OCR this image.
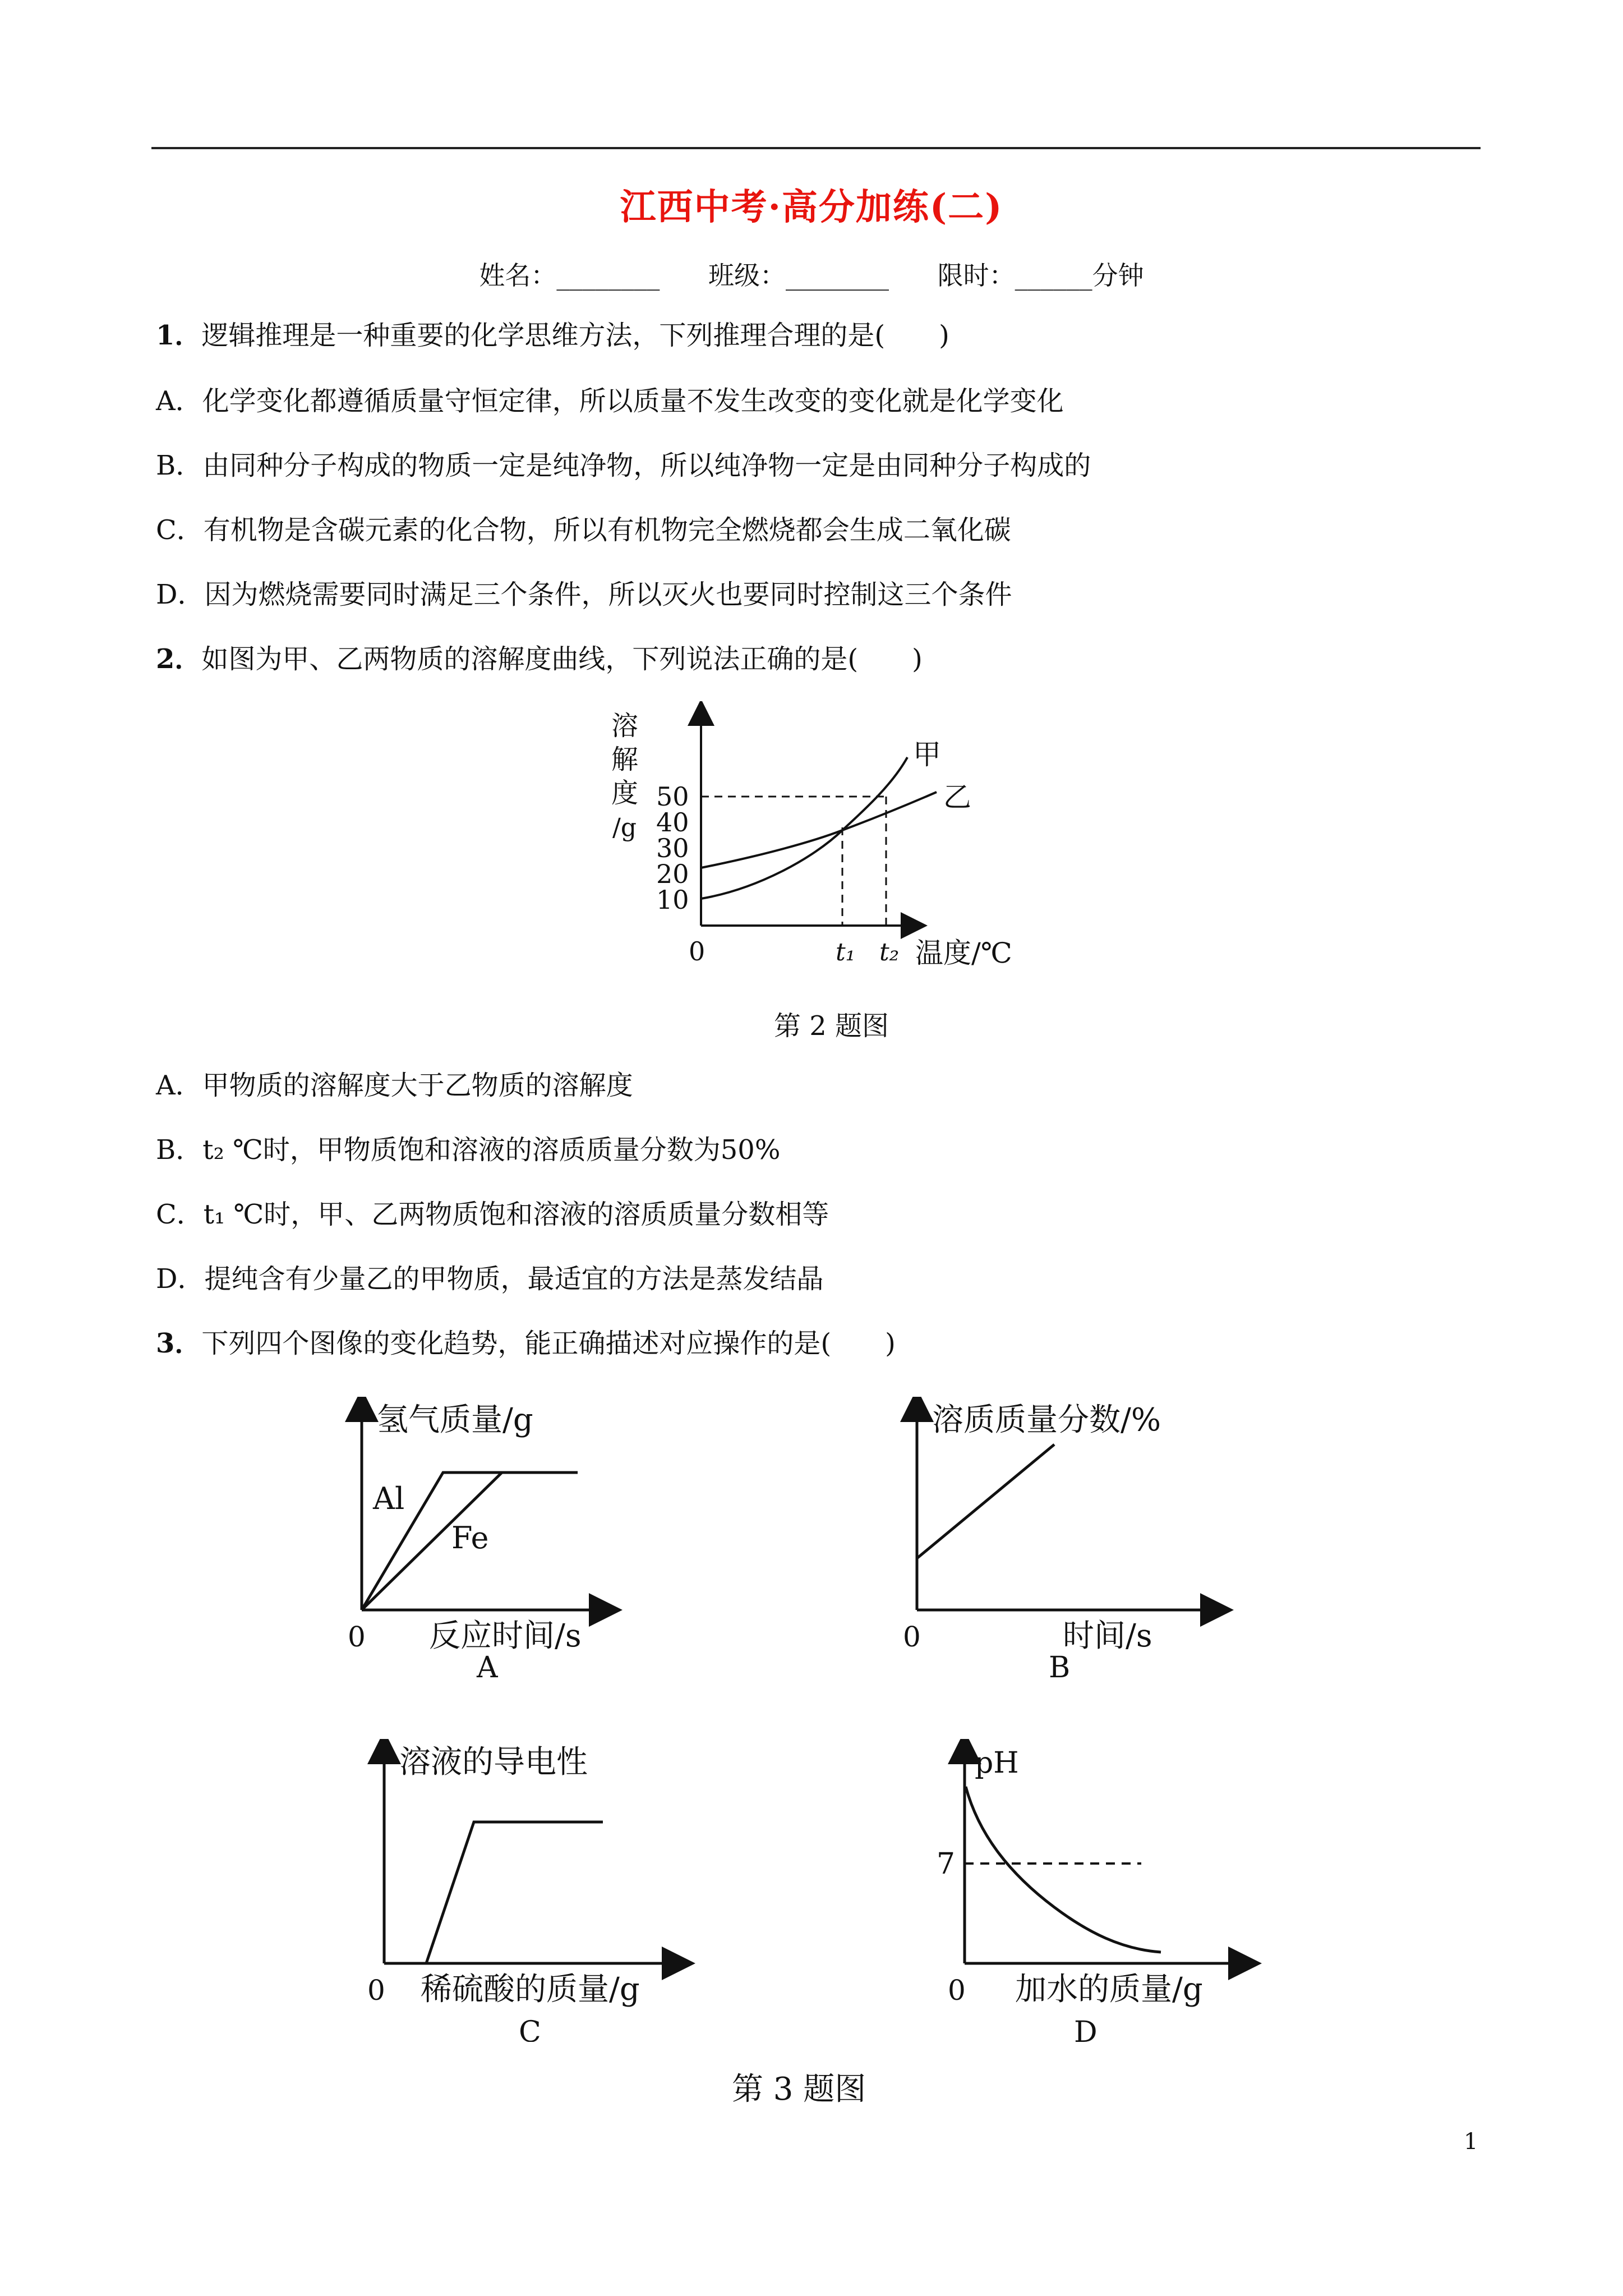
江西中考·高分加练(二)
姓名：________ 班级：________ 限时：______分钟
1．逻辑推理是一种重要的化学思维方法，下列推理合理的是(　　)
A．化学变化都遵循质量守恒定律，所以质量不发生改变的变化就是化学变化
B．由同种分子构成的物质一定是纯净物，所以纯净物一定是由同种分子构成的
C．有机物是含碳元素的化合物，所以有机物完全燃烧都会生成二氧化碳
D．因为燃烧需要同时满足三个条件，所以灭火也要同时控制这三个条件
2．如图为甲、乙两物质的溶解度曲线，下列说法正确的是(　　)
溶
解
度
/g
10
20
30
40
50
0
甲
乙
t₁ t₂ 温度/℃
第 2 题图
A．甲物质的溶解度大于乙物质的溶解度
B．t₂ ℃时，甲物质饱和溶液的溶质质量分数为50%
C．t₁ ℃时，甲、乙两物质饱和溶液的溶质质量分数相等
D．提纯含有少量乙的甲物质，最适宜的方法是蒸发结晶
3．下列四个图像的变化趋势，能正确描述对应操作的是(　　)
氢气质量/g
0 反应时间/s
Al
Fe
A
溶质质量分数/%
0	时间/s
B
溶液的导电性
0 稀硫酸的质量/g
C
pH
7
0 加水的质量/g
D
第 3 题图
1
